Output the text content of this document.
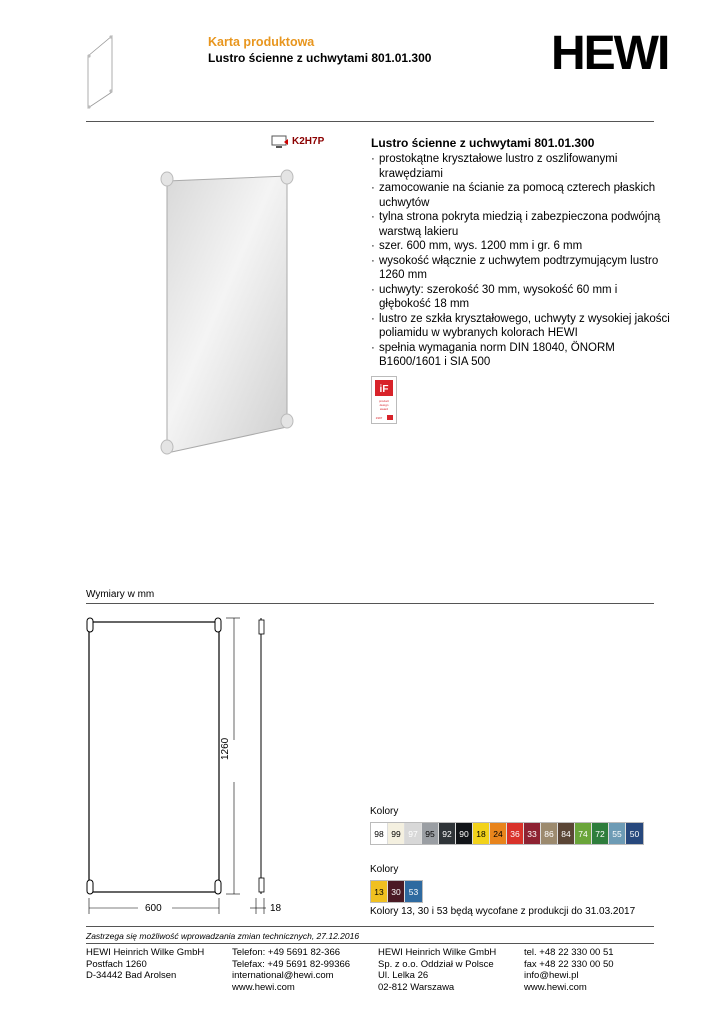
Karta produktowa
Lustro ścienne z uchwytami 801.01.300 HEWI
K2H7P	Lustro ścienne z uchwytami 801.01.300
· prostokątne kryształowe lustro z oszlifowanymi krawędziami
· zamocowanie na ścianie za pomocą czterech płaskich uchwytów
· tylna strona pokryta miedzią i zabezpieczona podwójną warstwą lakieru
· szer. 600 mm, wys. 1200 mm i gr. 6 mm
· wysokość włącznie z uchwytem podtrzymującym lustro 1260 mm
· uchwyty: szerokość 30 mm, wysokość 60 mm i głębokość 18 mm
· lustro ze szkła kryształowego, uchwyty z wysokiej jakości poliamidu w wybranych kolorach HEWI
· spełnia wymagania norm DIN 18040, ÖNORM B1600/1601 i SIA 500
iF
product
design
award
1997
Wymiary w mm
600
1260
18
Kolory
98 99 97 95 92 90 18 24 36 33 86 84 74 72 55 50
Kolory
13 30 53
Kolory 13, 30 i 53 będą wycofane z produkcji do 31.03.2017
Zastrzega się możliwość wprowadzania zmian technicznych, 27.12.2016
HEWI Heinrich Wilke GmbH
Postfach 1260
D-34442 Bad Arolsen
Telefon: +49 5691 82-366
Telefax: +49 5691 82-99366
international@hewi.com
www.hewi.com
HEWI Heinrich Wilke GmbH
Sp. z o.o. Oddział w Polsce
Ul. Lelka 26
02-812 Warszawa
tel. +48 22 330 00 51
fax +48 22 330 00 50
info@hewi.pl
www.hewi.com
